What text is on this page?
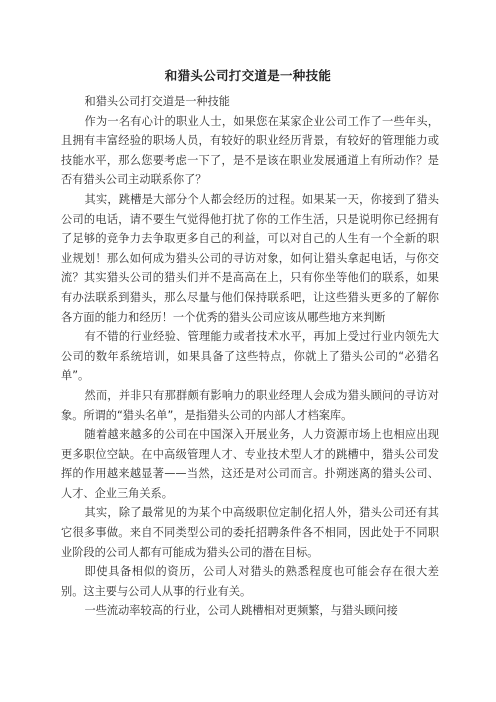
和猎头公司打交道是一种技能

和猎头公司打交道是一种技能

作为一名有心计的职业人士，如果您在某家企业公司工作了一些年头，且拥有丰富经验的职场人员，有较好的职业经历背景，有较好的管理能力或技能水平，那么您要考虑一下了，是不是该在职业发展通道上有所动作？是否有猎头公司主动联系你了？

其实，跳槽是大部分个人都会经历的过程。如果某一天，你接到了猎头公司的电话，请不要生气觉得他打扰了你的工作生活，只是说明你已经拥有了足够的竞争力去争取更多自己的利益，可以对自己的人生有一个全新的职业规划！那么如何成为猎头公司的寻访对象，如何让猎头拿起电话，与你交流？其实猎头公司的猎头们并不是高高在上，只有你坐等他们的联系，如果有办法联系到猎头，那么尽量与他们保持联系吧，让这些猎头更多的了解你各方面的能力和经历！一个优秀的猎头公司应该从哪些地方来判断

有不错的行业经验、管理能力或者技术水平，再加上受过行业内领先大公司的数年系统培训，如果具备了这些特点，你就上了猎头公司的“必猎名单”。

然而，并非只有那群颇有影响力的职业经理人会成为猎头顾问的寻访对象。所谓的“猎头名单”，是指猎头公司的内部人才档案库。

随着越来越多的公司在中国深入开展业务，人力资源市场上也相应出现更多职位空缺。在中高级管理人才、专业技术型人才的跳槽中，猎头公司发挥的作用越来越显著——当然，这还是对公司而言。扑朔迷离的猎头公司、人才、企业三角关系。

其实，除了最常见的为某个中高级职位定制化招人外，猎头公司还有其它很多事做。来自不同类型公司的委托招聘条件各不相同，因此处于不同职业阶段的公司人都有可能成为猎头公司的潜在目标。

即使具备相似的资历，公司人对猎头的熟悉程度也可能会存在很大差别。这主要与公司人从事的行业有关。

一些流动率较高的行业，公司人跳槽相对更频繁，与猎头顾问接
